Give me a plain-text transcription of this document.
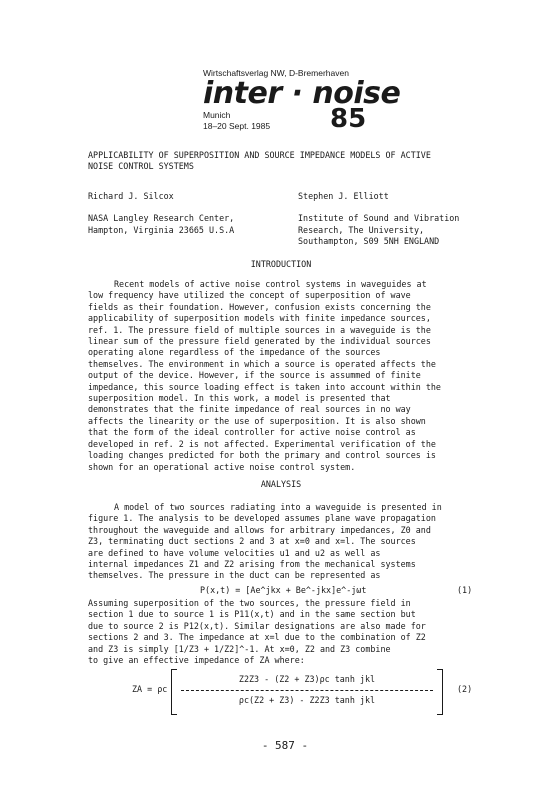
Wirtschaftsverlag NW, D-Bremerhaven
inter · noise
Munich
18–20 Sept. 1985 85
APPLICABILITY OF SUPERPOSITION AND SOURCE IMPEDANCE MODELS OF ACTIVE
NOISE CONTROL SYSTEMS
Richard J. Silcox
NASA Langley Research Center,
Hampton, Virginia 23665 U.S.A
Stephen J. Elliott
Institute of Sound and Vibration
Research, The University,
Southampton, S09 5NH ENGLAND
INTRODUCTION
Recent models of active noise control systems in waveguides at
low frequency have utilized the concept of superposition of wave
fields as their foundation. However, confusion exists concerning the
applicability of superposition models with finite impedance sources,
ref. 1. The pressure field of multiple sources in a waveguide is the
linear sum of the pressure field generated by the individual sources
operating alone regardless of the impedance of the sources
themselves. The environment in which a source is operated affects the
output of the device. However, if the source is assummed of finite
impedance, this source loading effect is taken into account within the
superposition model. In this work, a model is presented that
demonstrates that the finite impedance of real sources in no way
affects the linearity or the use of superposition. It is also shown
that the form of the ideal controller for active noise control as
developed in ref. 2 is not affected. Experimental verification of the
loading changes predicted for both the primary and control sources is
shown for an operational active noise control system.
ANALYSIS
A model of two sources radiating into a waveguide is presented in
figure 1. The analysis to be developed assumes plane wave propagation
throughout the waveguide and allows for arbitrary impedances, Z0 and
Z3, terminating duct sections 2 and 3 at x=0 and x=l. The sources
are defined to have volume velocities u1 and u2 as well as
internal impedances Z1 and Z2 arising from the mechanical systems
themselves. The pressure in the duct can be represented as
P(x,t) = [Ae^jkx + Be^-jkx]e^-jωt	(1)
Assuming superposition of the two sources, the pressure field in
section 1 due to source 1 is P11(x,t) and in the same section but
due to source 2 is P12(x,t). Similar designations are also made for
sections 2 and 3. The impedance at x=l due to the combination of Z2
and Z3 is simply [1/Z3 + 1/Z2]^-1. At x=0, Z2 and Z3 combine
to give an effective impedance of ZA where:
ZA = ρc
Z2Z3 - (Z2 + Z3)ρc tanh jkl
ρc(Z2 + Z3) - Z2Z3 tanh jkl
(2)
- 587 -
